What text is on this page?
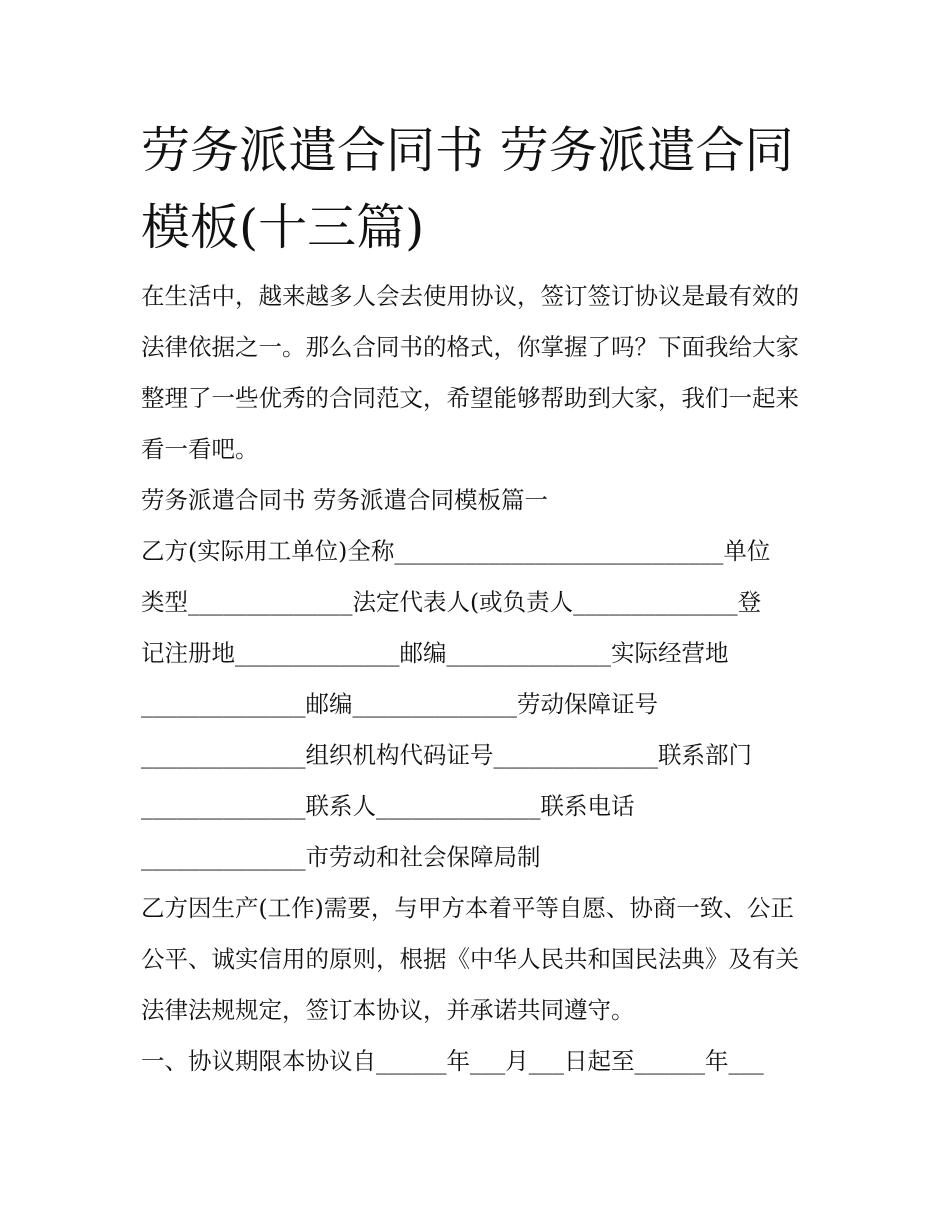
劳务派遣合同书 劳务派遣合同模板(十三篇)

在生活中，越来越多人会去使用协议，签订签订协议是最有效的法律依据之一。那么合同书的格式，你掌握了吗？下面我给大家整理了一些优秀的合同范文，希望能够帮助到大家，我们一起来看一看吧。

劳务派遣合同书 劳务派遣合同模板篇一

乙方(实际用工单位)全称____________________________单位

类型______________法定代表人(或负责人______________登

记注册地______________邮编______________实际经营地

______________邮编______________劳动保障证号

______________组织机构代码证号______________联系部门

______________联系人______________联系电话

______________市劳动和社会保障局制

乙方因生产(工作)需要，与甲方本着平等自愿、协商一致、公正公平、诚实信用的原则，根据《中华人民共和国民法典》及有关法律法规规定，签订本协议，并承诺共同遵守。

一、协议期限本协议自______年___月___日起至______年___
